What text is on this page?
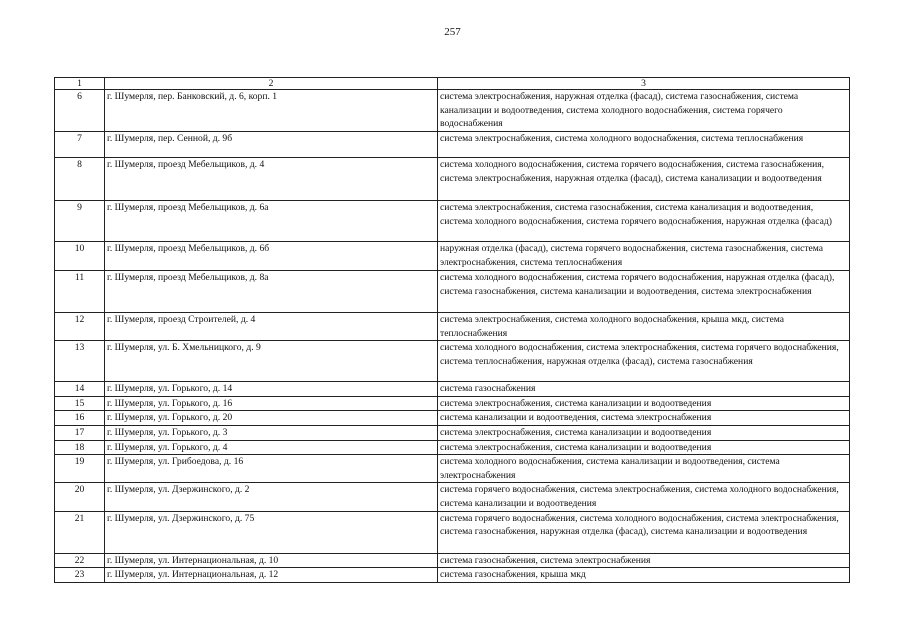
257
1	2	3
6	г. Шумерля, пер. Банковский, д. 6, корп. 1	система электроснабжения, наружная отделка (фасад), система газоснабжения, система канализации и водоотведения, система холодного водоснабжения, система горячего водоснабжения
7	г. Шумерля, пер. Сенной, д. 9б	система электроснабжения, система холодного водоснабжения, система теплоснабжения
8	г. Шумерля, проезд Мебельщиков, д. 4	система холодного водоснабжения, система горячего водоснабжения, система газоснабжения, система электроснабжения, наружная отделка (фасад), система канализации и водоотведения
9	г. Шумерля, проезд Мебельщиков, д. 6а	система электроснабжения, система газоснабжения, система канализация и водоотведения, система холодного водоснабжения, система горячего водоснабжения, наружная отделка (фасад)
10	г. Шумерля, проезд Мебельщиков, д. 6б	наружная отделка (фасад), система горячего водоснабжения, система газоснабжения, система электроснабжения, система теплоснабжения
11	г. Шумерля, проезд Мебельщиков, д. 8а	система холодного водоснабжения, система горячего водоснабжения, наружная отделка (фасад), система газоснабжения, система канализации и водоотведения, система электроснабжения
12	г. Шумерля, проезд Строителей, д. 4	система электроснабжения, система холодного водоснабжения, крыша мкд, система теплоснабжения
13	г. Шумерля, ул. Б. Хмельницкого, д. 9	система холодного водоснабжения, система электроснабжения, система горячего водоснабжения, система теплоснабжения, наружная отделка (фасад), система газоснабжения
14	г. Шумерля, ул. Горького, д. 14	система газоснабжения
15	г. Шумерля, ул. Горького, д. 16	система электроснабжения, система канализации и водоотведения
16	г. Шумерля, ул. Горького, д. 20	система канализации и водоотведения, система электроснабжения
17	г. Шумерля, ул. Горького, д. 3	система электроснабжения, система канализации и водоотведения
18	г. Шумерля, ул. Горького, д. 4	система электроснабжения, система канализации и водоотведения
19	г. Шумерля, ул. Грибоедова, д. 16	система холодного водоснабжения, система канализации и водоотведения, система электроснабжения
20	г. Шумерля, ул. Дзержинского, д. 2	система горячего водоснабжения, система электроснабжения, система холодного водоснабжения, система канализации и водоотведения
21	г. Шумерля, ул. Дзержинского, д. 75	система горячего водоснабжения, система холодного водоснабжения, система электроснабжения, система газоснабжения, наружная отделка (фасад), система канализации и водоотведения
22	г. Шумерля, ул. Интернациональная, д. 10	система газоснабжения, система электроснабжения
23	г. Шумерля, ул. Интернациональная, д. 12	система газоснабжения, крыша мкд
